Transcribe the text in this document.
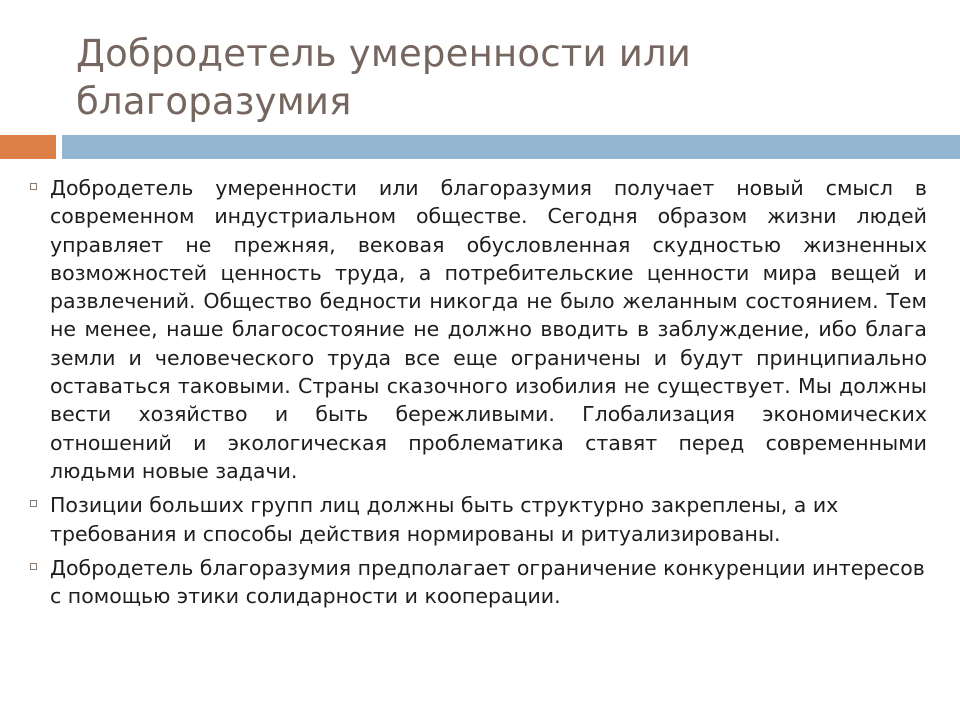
Добродетель умеренности или благоразумия
Добродетель умеренности или благоразумия получает новый смысл в современном индустриальном обществе. Сегодня образом жизни людей управляет не прежняя, вековая обусловленная скудностью жизненных возможностей ценность труда, а потребительские ценности мира вещей и развлечений. Общество бедности никогда не было желанным состоянием. Тем не менее, наше благосостояние не должно вводить в заблуждение, ибо блага земли и человеческого труда все еще ограничены и будут принципиально оставаться таковыми. Страны сказочного изобилия не существует. Мы должны вести хозяйство и быть бережливыми. Глобализация экономических отношений и экологическая проблематика ставят перед современными людьми новые задачи.
Позиции больших групп лиц должны быть структурно закреплены, а их требования и способы действия нормированы и ритуализированы.
Добродетель благоразумия предполагает ограничение конкуренции интересов с помощью этики солидарности и кооперации.
